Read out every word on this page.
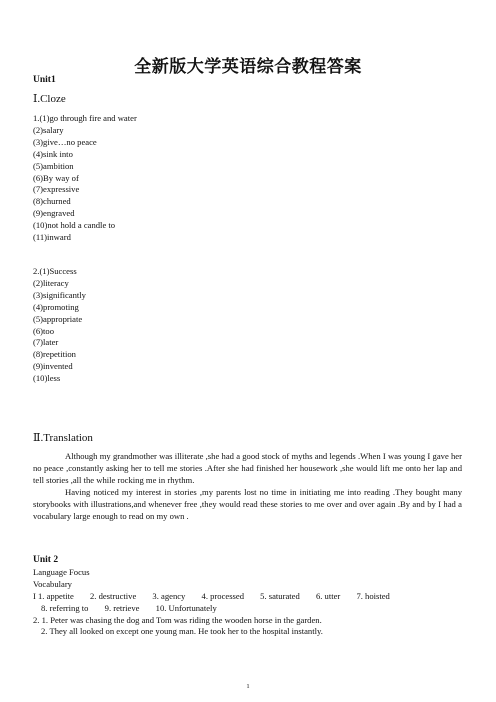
全新版大学英语综合教程答案
Unit1
Ⅰ.Cloze
1.(1)go through fire and water
(2)salary
(3)give…no peace
(4)sink into
(5)ambition
(6)By way of
(7)expressive
(8)churned
(9)engraved
(10)not hold a candle to
(11)inward
2.(1)Success
(2)literacy
(3)significantly
(4)promoting
(5)appropriate
(6)too
(7)later
(8)repetition
(9)invented
(10)less
Ⅱ.Translation

Although my grandmother was illiterate ,she had a good stock of myths and legends .When I was young I gave her no peace ,constantly asking her to tell me stories .After she had finished her housework ,she would lift me onto her lap and tell stories ,all the while rocking me in rhythm.

Having noticed my interest in stories ,my parents lost no time in initiating me into reading .They bought many storybooks with illustrations,and whenever free ,they would read these stories to me over and over again .By and by I had a vocabulary large enough to read on my own .

Unit 2
Language Focus
Vocabulary
I 1. appetite 2. destructive 3. agency 4. processed 5. saturated 6. utter 7. hoisted
8. referring to 9. retrieve 10. Unfortunately
2. 1. Peter was chasing the dog and Tom was riding the wooden horse in the garden.
2. They all looked on except one young man. He took her to the hospital instantly.
1
